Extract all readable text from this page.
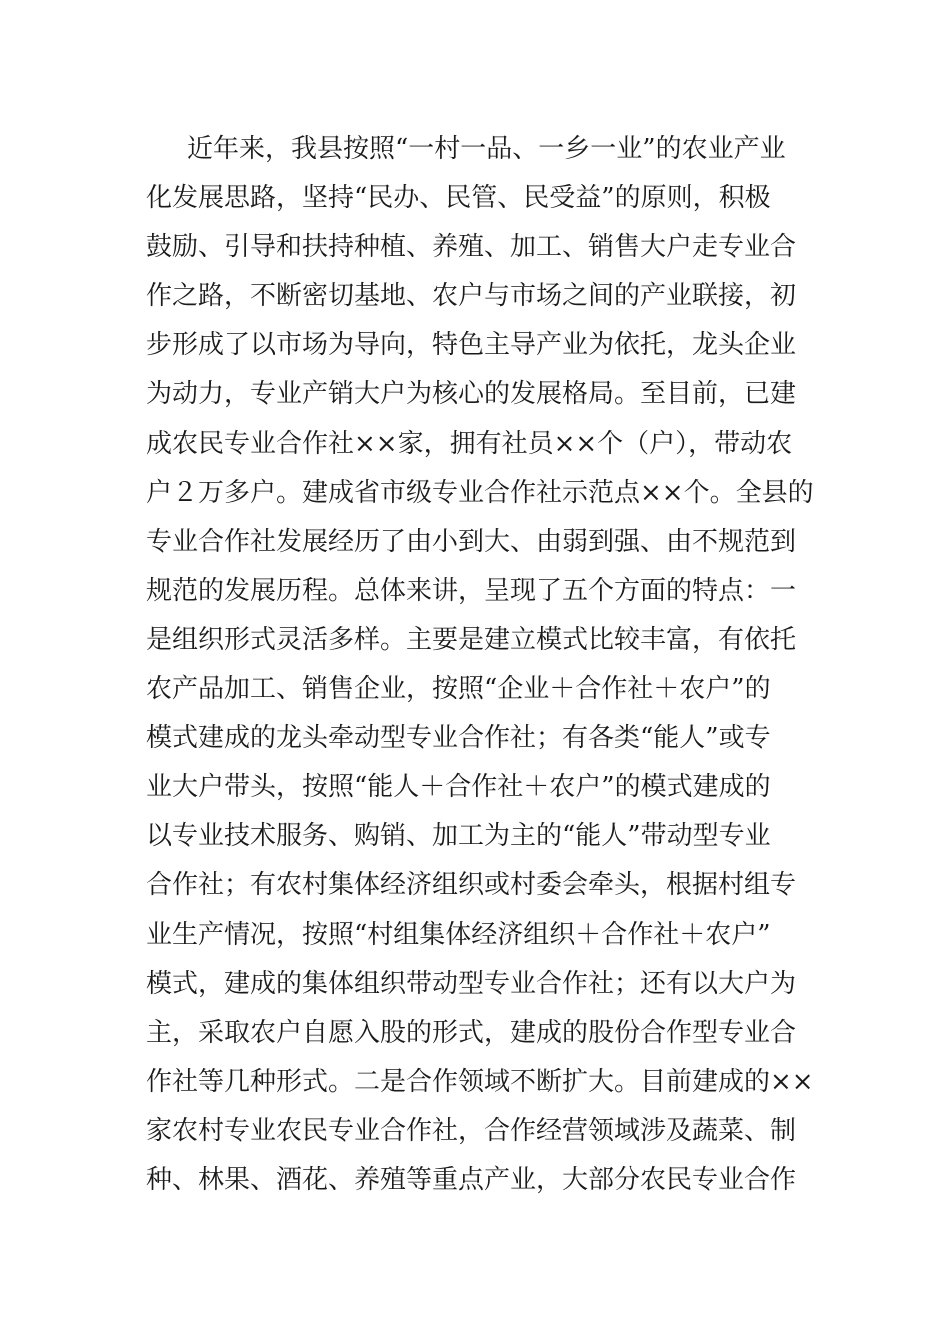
近年来，我县按照“一村一品、一乡一业”的农业产业
化发展思路，坚持“民办、民管、民受益”的原则，积极
鼓励、引导和扶持种植、养殖、加工、销售大户走专业合
作之路，不断密切基地、农户与市场之间的产业联接，初
步形成了以市场为导向，特色主导产业为依托，龙头企业
为动力，专业产销大户为核心的发展格局。至目前，已建
成农民专业合作社××家，拥有社员××个（户），带动农
户２万多户。建成省市级专业合作社示范点××个。全县的
专业合作社发展经历了由小到大、由弱到强、由不规范到
规范的发展历程。总体来讲，呈现了五个方面的特点：一
是组织形式灵活多样。主要是建立模式比较丰富，有依托
农产品加工、销售企业，按照“企业＋合作社＋农户”的
模式建成的龙头牵动型专业合作社；有各类“能人”或专
业大户带头，按照“能人＋合作社＋农户”的模式建成的
以专业技术服务、购销、加工为主的“能人”带动型专业
合作社；有农村集体经济组织或村委会牵头，根据村组专
业生产情况，按照“村组集体经济组织＋合作社＋农户”
模式，建成的集体组织带动型专业合作社；还有以大户为
主，采取农户自愿入股的形式，建成的股份合作型专业合
作社等几种形式。二是合作领域不断扩大。目前建成的××
家农村专业农民专业合作社，合作经营领域涉及蔬菜、制
种、林果、酒花、养殖等重点产业，大部分农民专业合作
